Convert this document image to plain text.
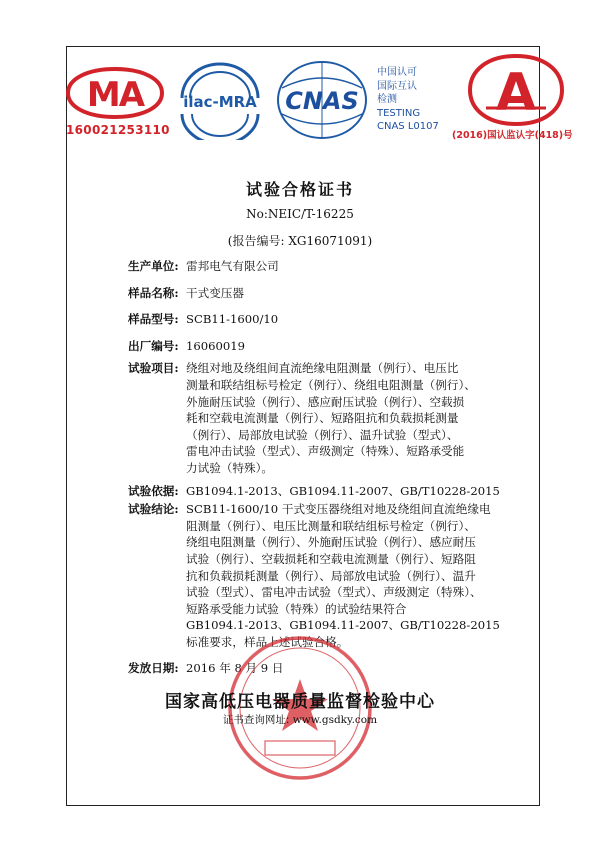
MA
160021253110
ilac-MRA CNAS
中国认可
国际互认
检测
TESTING
CNAS L0107
A
(2016)国认监认字(418)号
试验合格证书
No:NEIC/T-16225
(报告编号: XG16071091)
生产单位: 雷邦电气有限公司

样品名称: 干式变压器

样品型号: SCB11-1600/10

出厂编号: 16060019

试验项目: 绕组对地及绕组间直流绝缘电阻测量（例行）、电压比

测量和联结组标号检定（例行）、绕组电阻测量（例行）、

外施耐压试验（例行）、感应耐压试验（例行）、空载损

耗和空载电流测量（例行）、短路阻抗和负载损耗测量

（例行）、局部放电试验（例行）、温升试验（型式）、

雷电冲击试验（型式）、声级测定（特殊）、短路承受能

力试验（特殊）。

试验依据: GB1094.1-2013、GB1094.11-2007、GB/T10228-2015

试验结论: SCB11-1600/10 干式变压器绕组对地及绕组间直流绝缘电

阻测量（例行）、电压比测量和联结组标号检定（例行）、

绕组电阻测量（例行）、外施耐压试验（例行）、感应耐压

试验（例行）、空载损耗和空载电流测量（例行）、短路阻

抗和负载损耗测量（例行）、局部放电试验（例行）、温升

试验（型式）、雷电冲击试验（型式）、声级测定（特殊）、

短路承受能力试验（特殊）的试验结果符合

GB1094.1-2013、GB1094.11-2007、GB/T10228-2015

标准要求，样品上述试验合格。

发放日期: 2016 年 8 月 9 日

国家高低压电器质量监督检验中心
证书查询网址: www.gsdky.com
